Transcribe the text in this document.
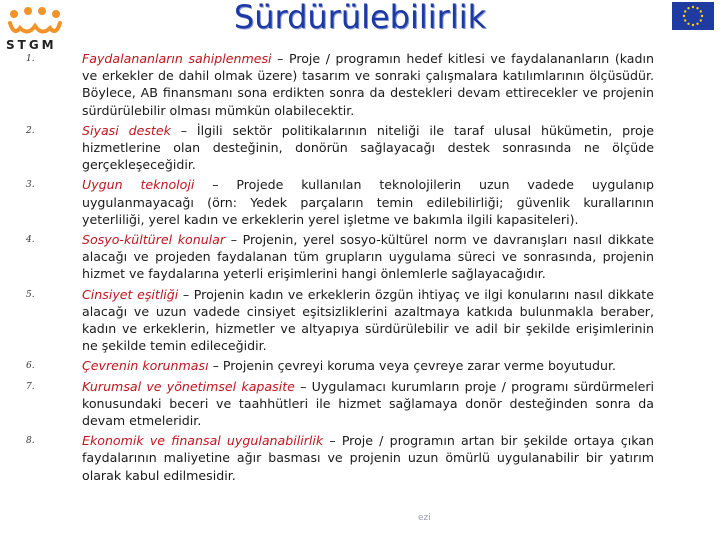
STGM
Sürdürülebilirlik
1.	Faydalananların sahiplenmesi – Proje / programın hedef kitlesi ve faydalananların (kadın ve erkekler de dahil olmak üzere) tasarım ve sonraki çalışmalara katılımlarının ölçüsüdür. Böylece, AB finansmanı sona erdikten sonra da destekleri devam ettirecekler ve projenin sürdürülebilir olması mümkün olabilecektir.
2.	Siyasi destek – İlgili sektör politikalarının niteliği ile taraf ulusal hükümetin, proje hizmetlerine olan desteğinin, donörün sağlayacağı destek sonrasında ne ölçüde gerçekleşeceğidir.
3.	Uygun teknoloji – Projede kullanılan teknolojilerin uzun vadede uygulanıp uygulanmayacağı (örn: Yedek parçaların temin edilebilirliği; güvenlik kurallarının yeterliliği, yerel kadın ve erkeklerin yerel işletme ve bakımla ilgili kapasiteleri).
4.	Sosyo-kültürel konular – Projenin, yerel sosyo-kültürel norm ve davranışları nasıl dikkate alacağı ve projeden faydalanan tüm grupların uygulama süreci ve sonrasında, projenin hizmet ve faydalarına yeterli erişimlerini hangi önlemlerle sağlayacağıdır.
5.	Cinsiyet eşitliği – Projenin kadın ve erkeklerin özgün ihtiyaç ve ilgi konularını nasıl dikkate alacağı ve uzun vadede cinsiyet eşitsizliklerini azaltmaya katkıda bulunmakla beraber, kadın ve erkeklerin, hizmetler ve altyapıya sürdürülebilir ve adil bir şekilde erişimlerinin ne şekilde temin edileceğidir.
6.	Çevrenin korunması – Projenin çevreyi koruma veya çevreye zarar verme boyutudur.
7.	Kurumsal ve yönetimsel kapasite – Uygulamacı kurumların proje / programı sürdürmeleri konusundaki beceri ve taahhütleri ile hizmet sağlamaya donör desteğinden sonra da devam etmeleridir.
8.	Ekonomik ve finansal uygulanabilirlik – Proje / programın artan bir şekilde ortaya çıkan faydalarının maliyetine ağır basması ve projenin uzun ömürlü uygulanabilir bir yatırım olarak kabul edilmesidir.
ezi
